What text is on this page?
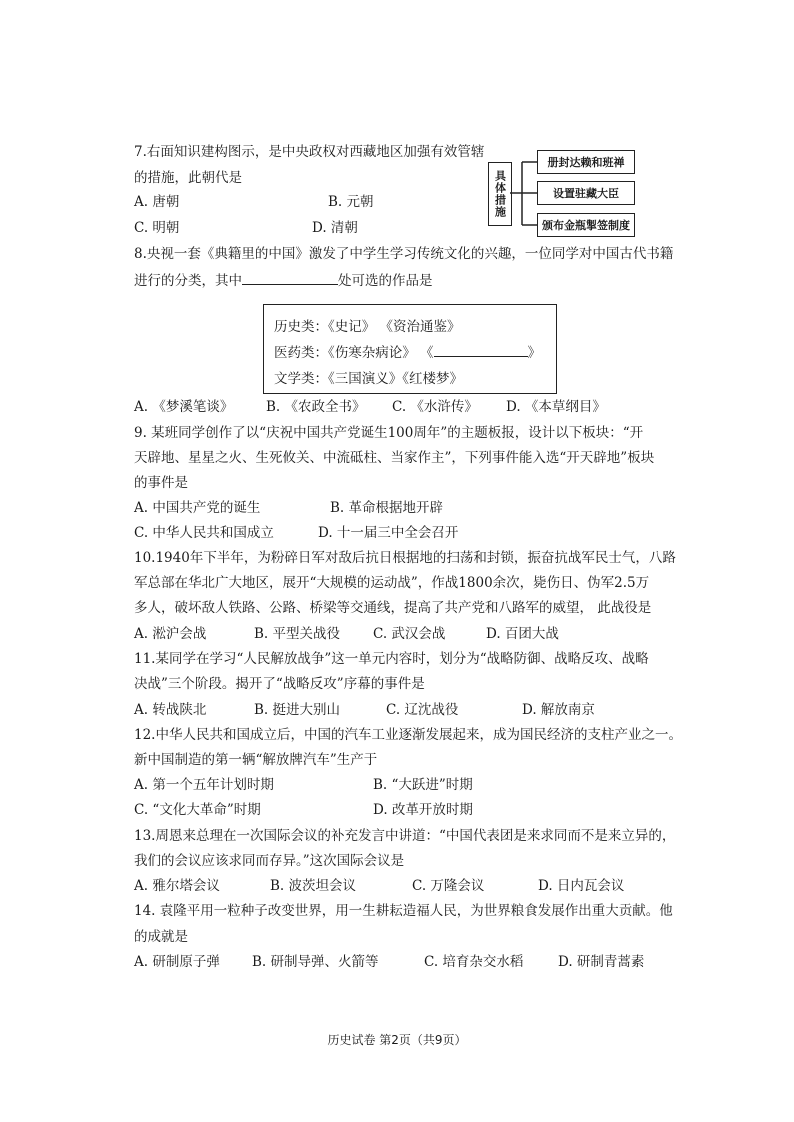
7.右面知识建构图示，是中央政权对西藏地区加强有效管辖
的措施，此朝代是
A. 唐朝	B. 元朝
C. 明朝	D. 清朝
具体措施
册封达赖和班禅
设置驻藏大臣
颁布金瓶掣签制度
8.央视一套《典籍里的中国》激发了中学生学习传统文化的兴趣，一位同学对中国古代书籍
进行的分类，其中	处可选的作品是
历史类：《史记》 《资治通鉴》
医药类：《伤寒杂病论》 《	》
文学类：《三国演义》《红楼梦》
A. 《梦溪笔谈》 B. 《农政全书》 C. 《水浒传》 D. 《本草纲目》
9. 某班同学创作了以“庆祝中国共产党诞生100周年”的主题板报，设计以下板块：“开
天辟地、星星之火、生死攸关、中流砥柱、当家作主”，下列事件能入选“开天辟地”板块
的事件是
A. 中国共产党的诞生	B. 革命根据地开辟
C. 中华人民共和国成立	D. 十一届三中全会召开
10.1940年下半年，为粉碎日军对敌后抗日根据地的扫荡和封锁，振奋抗战军民士气，八路
军总部在华北广大地区，展开“大规模的运动战”，作战1800余次，毙伤日、伪军2.5万
多人，破坏敌人铁路、公路、桥梁等交通线，提高了共产党和八路军的威望， 此战役是
A. 淞沪会战	B. 平型关战役 C. 武汉会战	D. 百团大战
11.某同学在学习“人民解放战争”这一单元内容时，划分为“战略防御、战略反攻、战略
决战”三个阶段。揭开了“战略反攻”序幕的事件是
A. 转战陕北	B. 挺进大别山	C. 辽沈战役	D. 解放南京
12.中华人民共和国成立后，中国的汽车工业逐渐发展起来，成为国民经济的支柱产业之一。
新中国制造的第一辆“解放牌汽车”生产于
A. 第一个五年计划时期	B. “大跃进”时期
C. “文化大革命”时期	D. 改革开放时期
13.周恩来总理在一次国际会议的补充发言中讲道：“中国代表团是来求同而不是来立异的，
我们的会议应该求同而存异。”这次国际会议是
A. 雅尔塔会议	B. 波茨坦会议	C. 万隆会议	D. 日内瓦会议
14. 袁隆平用一粒种子改变世界，用一生耕耘造福人民，为世界粮食发展作出重大贡献。他
的成就是
A. 研制原子弹 B. 研制导弹、火箭等	C. 培育杂交水稻	D. 研制青蒿素
历史试卷 第2页（共9页）
